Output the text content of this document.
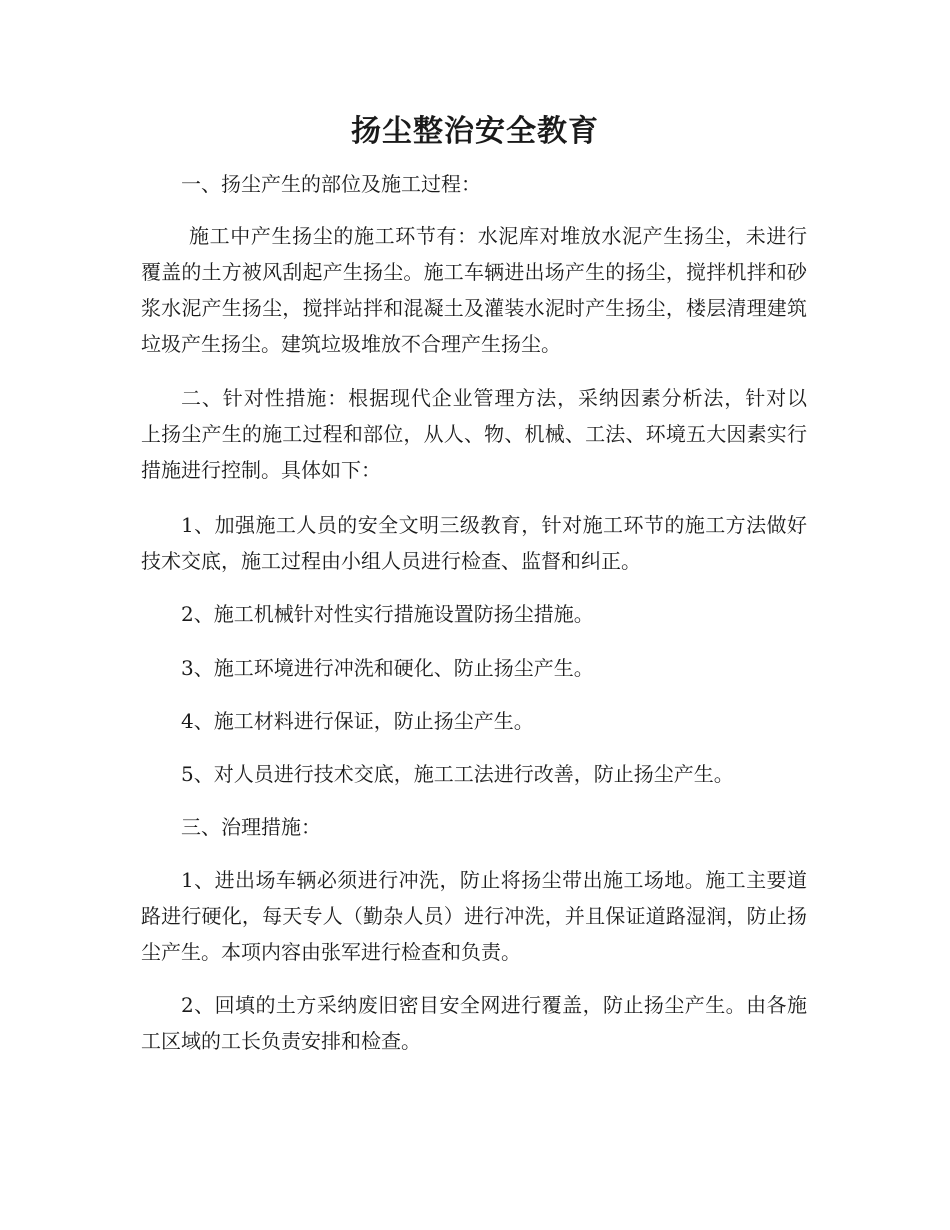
扬尘整治安全教育

一、扬尘产生的部位及施工过程：

施工中产生扬尘的施工环节有：水泥库对堆放水泥产生扬尘，未进行覆盖的土方被风刮起产生扬尘。施工车辆进出场产生的扬尘，搅拌机拌和砂浆水泥产生扬尘，搅拌站拌和混凝土及灌装水泥时产生扬尘，楼层清理建筑垃圾产生扬尘。建筑垃圾堆放不合理产生扬尘。

二、针对性措施：根据现代企业管理方法，采纳因素分析法，针对以 上扬尘产生的施工过程和部位，从人、物、机械、工法、环境五大因素实行措施进行控制。具体如下：

1、加强施工人员的安全文明三级教育，针对施工环节的施工方法做好技术交底，施工过程由小组人员进行检查、监督和纠正。

2、施工机械针对性实行措施设置防扬尘措施。

3、施工环境进行冲洗和硬化、防止扬尘产生。

4、施工材料进行保证，防止扬尘产生。

5、对人员进行技术交底，施工工法进行改善，防止扬尘产生。

三、治理措施：

1、进出场车辆必须进行冲洗，防止将扬尘带出施工场地。施工主要道路进行硬化，每天专人（勤杂人员）进行冲洗，并且保证道路湿润，防止扬尘产生。本项内容由张军进行检查和负责。

2、回填的土方采纳废旧密目安全网进行覆盖，防止扬尘产生。由各施工区域的工长负责安排和检查。
